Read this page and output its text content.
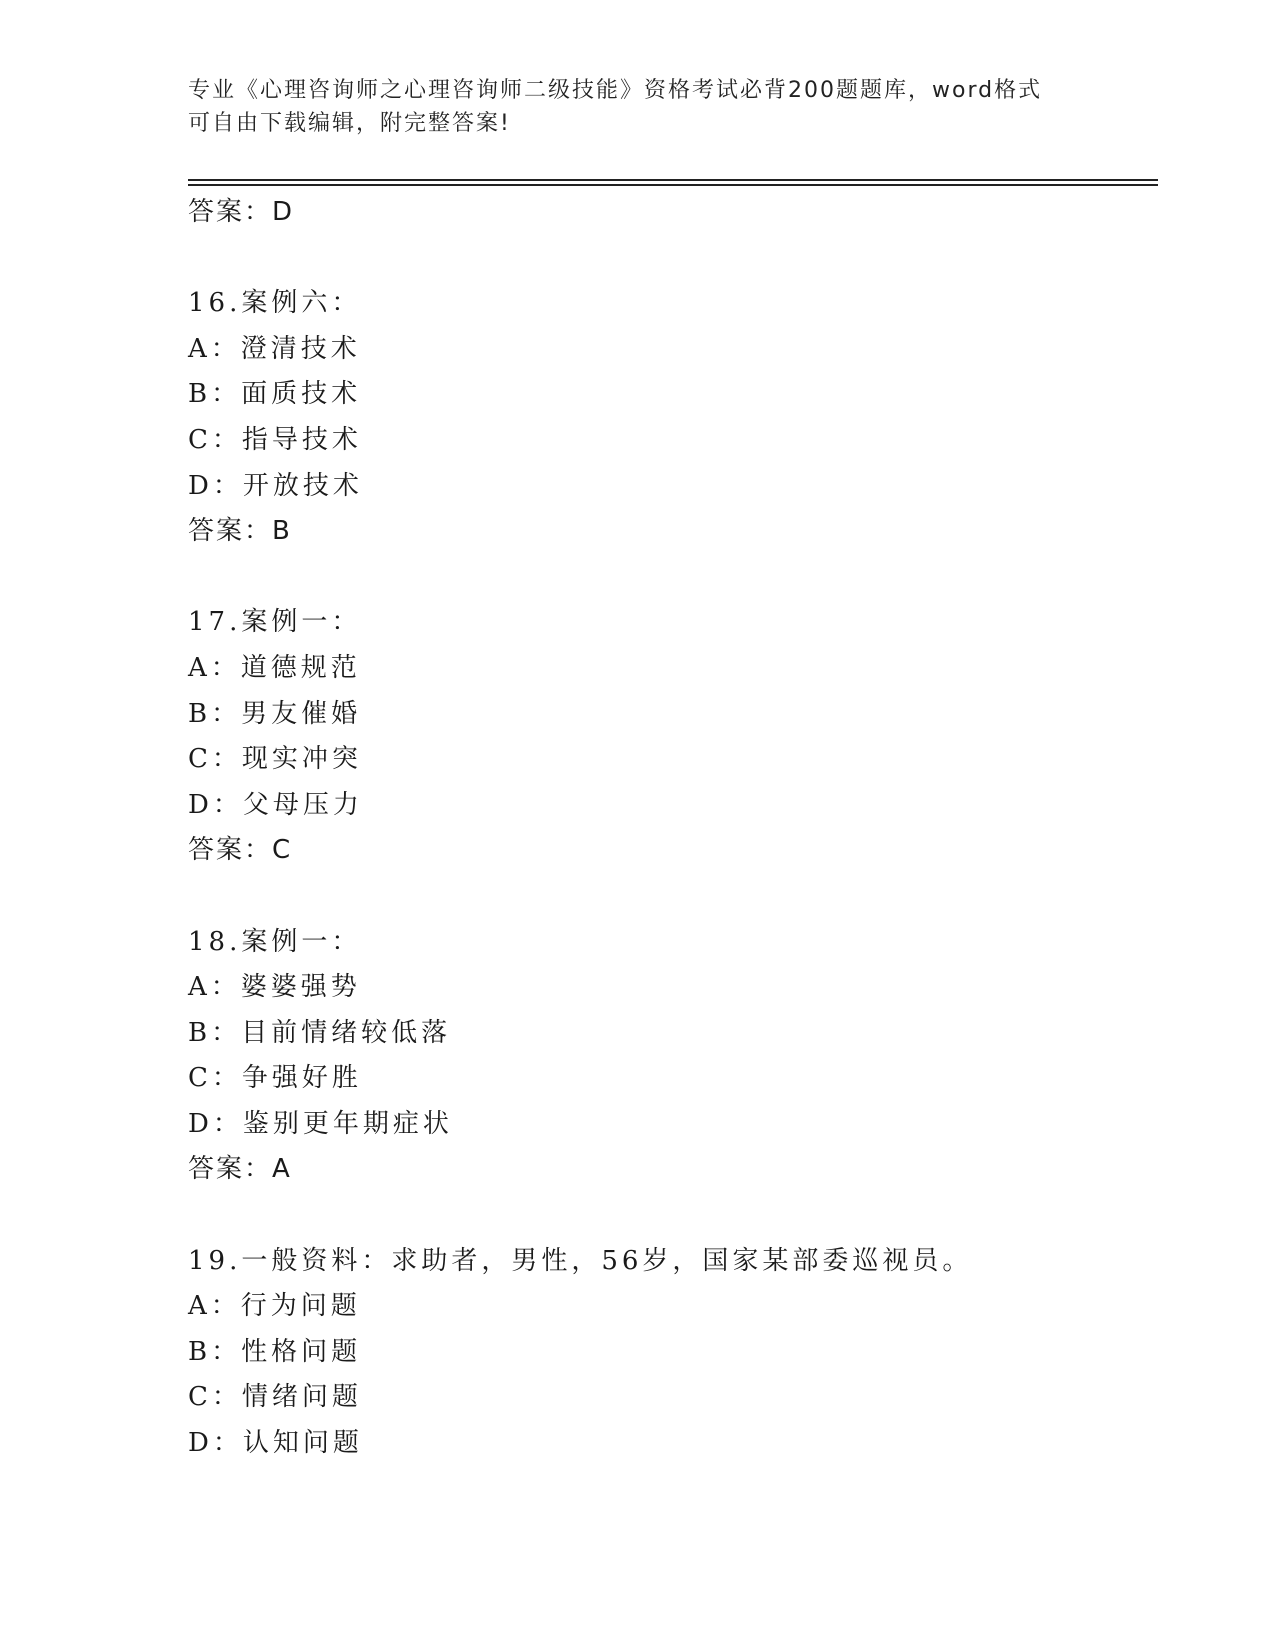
专业《心理咨询师之心理咨询师二级技能》资格考试必背200题题库，word格式
可自由下载编辑，附完整答案!
答案：D
16.案例六：
A：澄清技术
B：面质技术
C：指导技术
D：开放技术
答案：B
17.案例一：
A：道德规范
B：男友催婚
C：现实冲突
D：父母压力
答案：C
18.案例一：
A：婆婆强势
B：目前情绪较低落
C：争强好胜
D：鉴别更年期症状
答案：A
19.一般资料：求助者，男性，56岁，国家某部委巡视员。
A：行为问题
B：性格问题
C：情绪问题
D：认知问题
